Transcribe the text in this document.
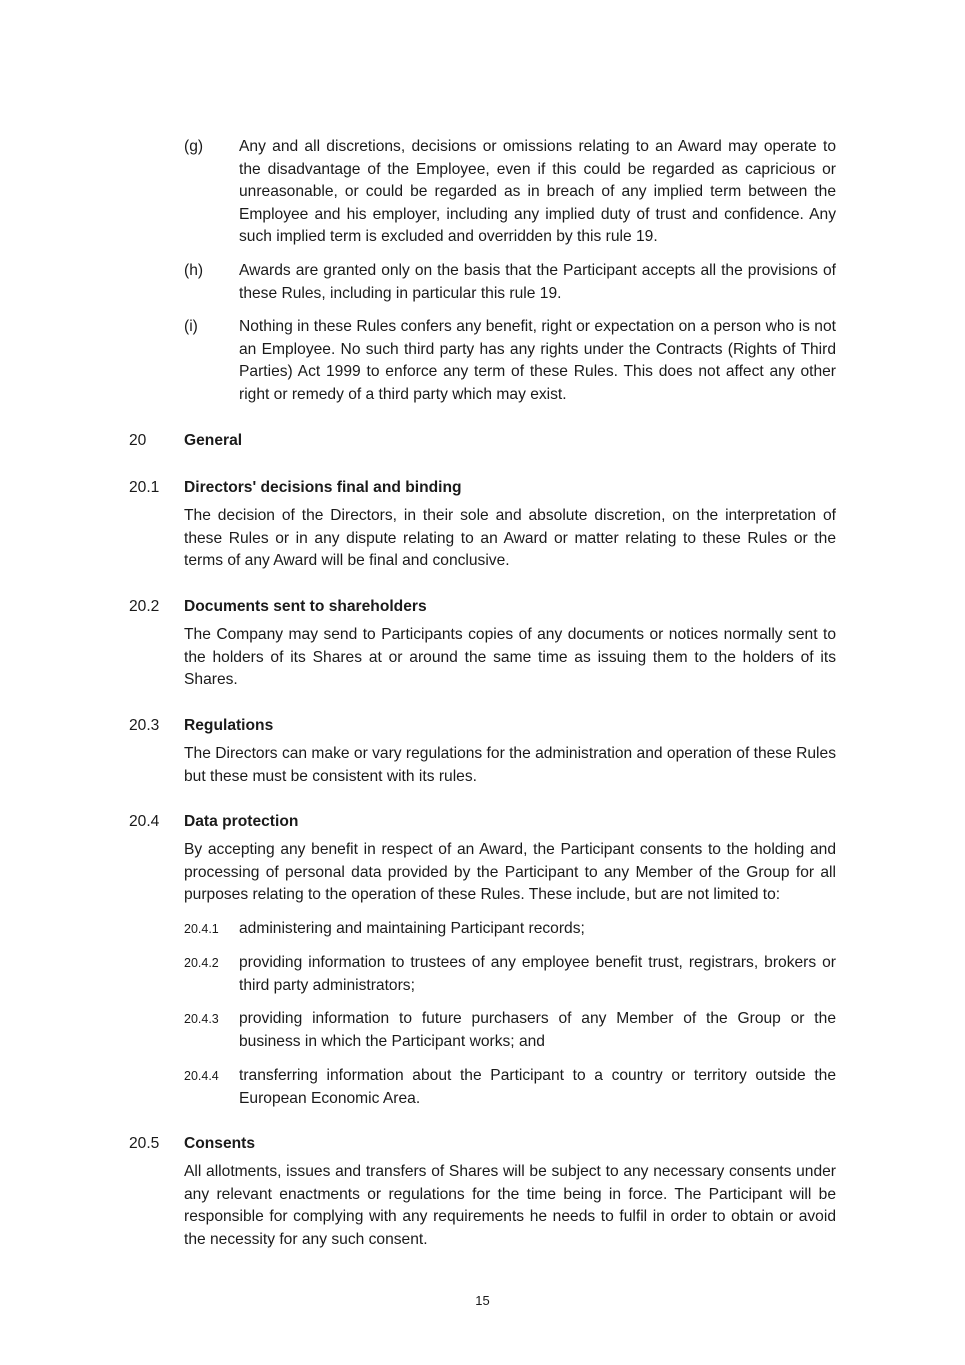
(g) Any and all discretions, decisions or omissions relating to an Award may operate to the disadvantage of the Employee, even if this could be regarded as capricious or unreasonable, or could be regarded as in breach of any implied term between the Employee and his employer, including any implied duty of trust and confidence. Any such implied term is excluded and overridden by this rule 19.
(h) Awards are granted only on the basis that the Participant accepts all the provisions of these Rules, including in particular this rule 19.
(i)	Nothing in these Rules confers any benefit, right or expectation on a person who is not an Employee. No such third party has any rights under the Contracts (Rights of Third Parties) Act 1999 to enforce any term of these Rules. This does not affect any other right or remedy of a third party which may exist.
20 General
20.1 Directors' decisions final and binding
The decision of the Directors, in their sole and absolute discretion, on the interpretation of these Rules or in any dispute relating to an Award or matter relating to these Rules or the terms of any Award will be final and conclusive.
20.2 Documents sent to shareholders
The Company may send to Participants copies of any documents or notices normally sent to the holders of its Shares at or around the same time as issuing them to the holders of its Shares.
20.3 Regulations
The Directors can make or vary regulations for the administration and operation of these Rules but these must be consistent with its rules.
20.4 Data protection
By accepting any benefit in respect of an Award, the Participant consents to the holding and processing of personal data provided by the Participant to any Member of the Group for all purposes relating to the operation of these Rules. These include, but are not limited to:
20.4.1 administering and maintaining Participant records;
20.4.2 providing information to trustees of any employee benefit trust, registrars, brokers or third party administrators;
20.4.3 providing information to future purchasers of any Member of the Group or the business in which the Participant works; and
20.4.4 transferring information about the Participant to a country or territory outside the European Economic Area.
20.5 Consents
All allotments, issues and transfers of Shares will be subject to any necessary consents under any relevant enactments or regulations for the time being in force. The Participant will be responsible for complying with any requirements he needs to fulfil in order to obtain or avoid the necessity for any such consent.
15
